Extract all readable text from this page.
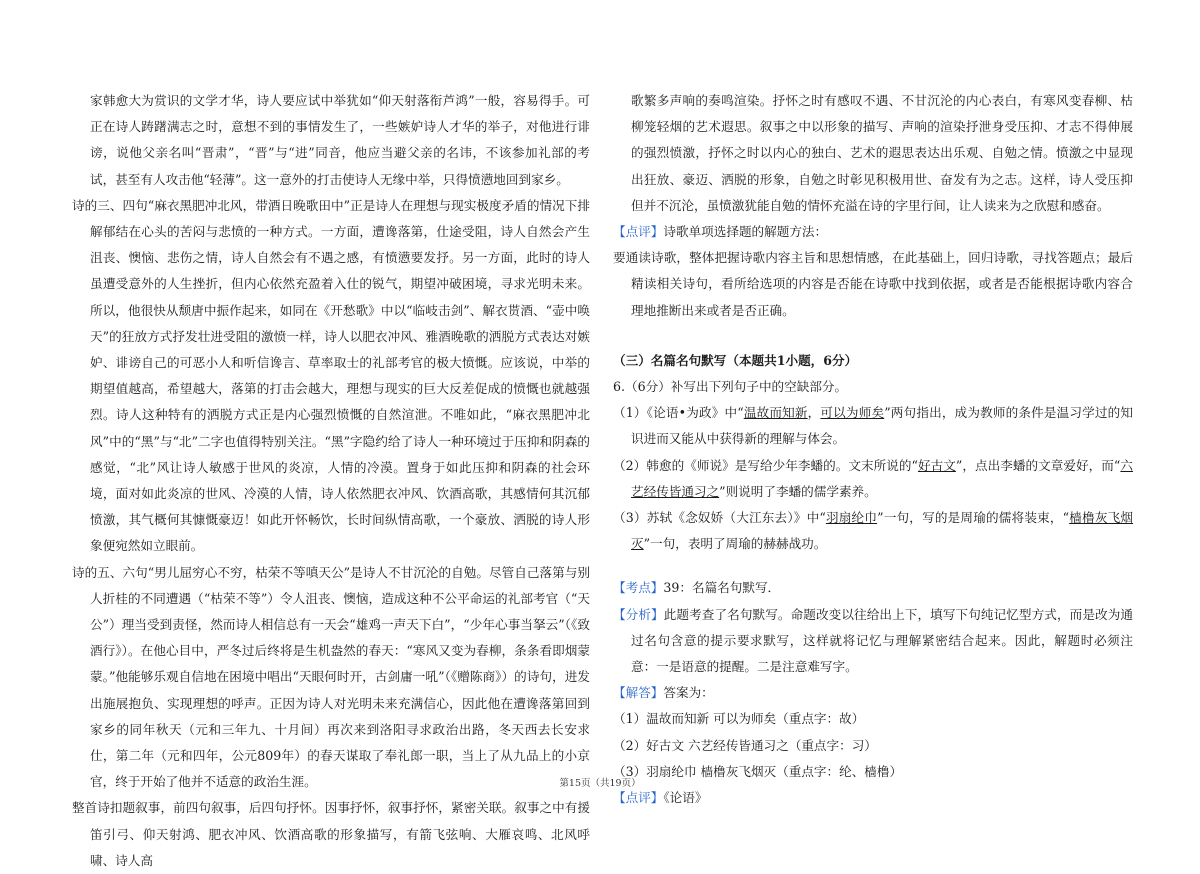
家韩愈大为赏识的文学才华，诗人要应试中举犹如“仰天射落衔芦鸿”一般，容易得手。可正在诗人踌躇满志之时，意想不到的事情发生了，一些嫉妒诗人才华的举子，对他进行诽谤，说他父亲名叫“晋肃”，“晋”与“进”同音，他应当避父亲的名讳，不该参加礼部的考试，甚至有人攻击他“轻薄”。这一意外的打击使诗人无缘中举，只得愤懑地回到家乡。

诗的三、四句“麻衣黑肥冲北风，带酒日晚歌田中”正是诗人在理想与现实极度矛盾的情况下排解郁结在心头的苦闷与悲愤的一种方式。一方面，遭谗落第，仕途受阻，诗人自然会产生沮丧、懊恼、悲伤之情，诗人自然会有不遇之感，有愤懑要发抒。另一方面，此时的诗人虽遭受意外的人生挫折，但内心依然充盈着入仕的锐气，期望冲破困境，寻求光明未来。所以，他很快从颓唐中振作起来，如同在《开愁歌》中以“临岐击剑”、解衣贳酒、“壶中唤天”的狂放方式抒发壮进受阻的激愤一样，诗人以肥衣冲风、雅酒晚歌的洒脱方式表达对嫉妒、诽谤自己的可恶小人和听信谗言、草率取士的礼部考官的极大愤慨。应该说，中举的期望值越高，希望越大，落第的打击会越大，理想与现实的巨大反差促成的愤慨也就越强烈。诗人这种特有的洒脱方式正是内心强烈愤慨的自然渲泄。不唯如此，“麻衣黑肥冲北风”中的“黑”与“北”二字也值得特别关注。“黑”字隐约给了诗人一种环境过于压抑和阴森的感觉，“北”风让诗人敏感于世风的炎凉，人情的冷漠。置身于如此压抑和阴森的社会环境，面对如此炎凉的世风、冷漠的人情，诗人依然肥衣冲风、饮酒高歌，其感情何其沉郁愤激，其气概何其慷慨豪迈！如此开怀畅饮，长时间纵情高歌，一个豪放、洒脱的诗人形象便宛然如立眼前。

诗的五、六句“男儿屈穷心不穷，枯荣不等嗔天公”是诗人不甘沉沦的自勉。尽管自己落第与别人折桂的不同遭遇（“枯荣不等”）令人沮丧、懊恼，造成这种不公平命运的礼部考官（“天公”）理当受到责怪，然而诗人相信总有一天会“雄鸡一声天下白”，“少年心事当拏云”（《致酒行》）。在他心目中，严冬过后终将是生机盎然的春天：“寒风又变为春柳，条条看即烟蒙蒙。”他能够乐观自信地在困境中唱出“天眼何时开，古剑庸一吼”（《赠陈商》）的诗句，进发出施展抱负、实现理想的呼声。正因为诗人对光明未来充满信心，因此他在遭谗落第回到家乡的同年秋天（元和三年九、十月间）再次来到洛阳寻求政治出路，冬天西去长安求仕，第二年（元和四年，公元809年）的春天谋取了奉礼郎一职，当上了从九品上的小京官，终于开始了他并不适意的政治生涯。

整首诗扣题叙事，前四句叙事，后四句抒怀。因事抒怀，叙事抒怀，紧密关联。叙事之中有援笛引弓、仰天射鸿、肥衣冲风、饮酒高歌的形象描写，有箭飞弦响、大雁哀鸣、北风呼啸、诗人高

歌繁多声响的奏鸣渲染。抒怀之时有感叹不遇、不甘沉沦的内心表白，有寒风变春柳、枯柳笼轻烟的艺术遐思。叙事之中以形象的描写、声响的渲染抒泄身受压抑、才志不得伸展的强烈愤激，抒怀之时以内心的独白、艺术的遐思表达出乐观、自勉之情。愤激之中显现出狂放、豪迈、洒脱的形象，自勉之时彰见积极用世、奋发有为之志。这样，诗人受压抑但并不沉沦，虽愤激犹能自勉的情怀充溢在诗的字里行间，让人读来为之欣慰和感奋。

【点评】诗歌单项选择题的解题方法：

要通读诗歌，整体把握诗歌内容主旨和思想情感，在此基础上，回归诗歌，寻找答题点；最后精读相关诗句，看所给选项的内容是否能在诗歌中找到依据，或者是否能根据诗歌内容合理地推断出来或者是否正确。

（三）名篇名句默写（本题共1小题，6分）

6.（6分）补写出下列句子中的空缺部分。

（1）《论语•为政》中“温故而知新，可以为师矣”两句指出，成为教师的条件是温习学过的知识进而又能从中获得新的理解与体会。

（2）韩愈的《师说》是写给少年李蟠的。文末所说的“好古文”，点出李蟠的文章爱好，而“六艺经传皆通习之”则说明了李蟠的儒学素养。

（3）苏轼《念奴娇（大江东去）》中“羽扇纶巾”一句，写的是周瑜的儒将装束，“樯橹灰飞烟灭”一句，表明了周瑜的赫赫战功。

【考点】39：名篇名句默写．

【分析】此题考查了名句默写。命题改变以往给出上下，填写下句纯记忆型方式，而是改为通过名句含意的提示要求默写，这样就将记忆与理解紧密结合起来。因此，解题时必须注意：一是语意的提醒。二是注意难写字。

【解答】答案为：

（1）温故而知新 可以为师矣（重点字：故）

（2）好古文 六艺经传皆通习之（重点字：习）

（3）羽扇纶巾 樯橹灰飞烟灭（重点字：纶、樯橹）

【点评】《论语》

第15页（共19页）
